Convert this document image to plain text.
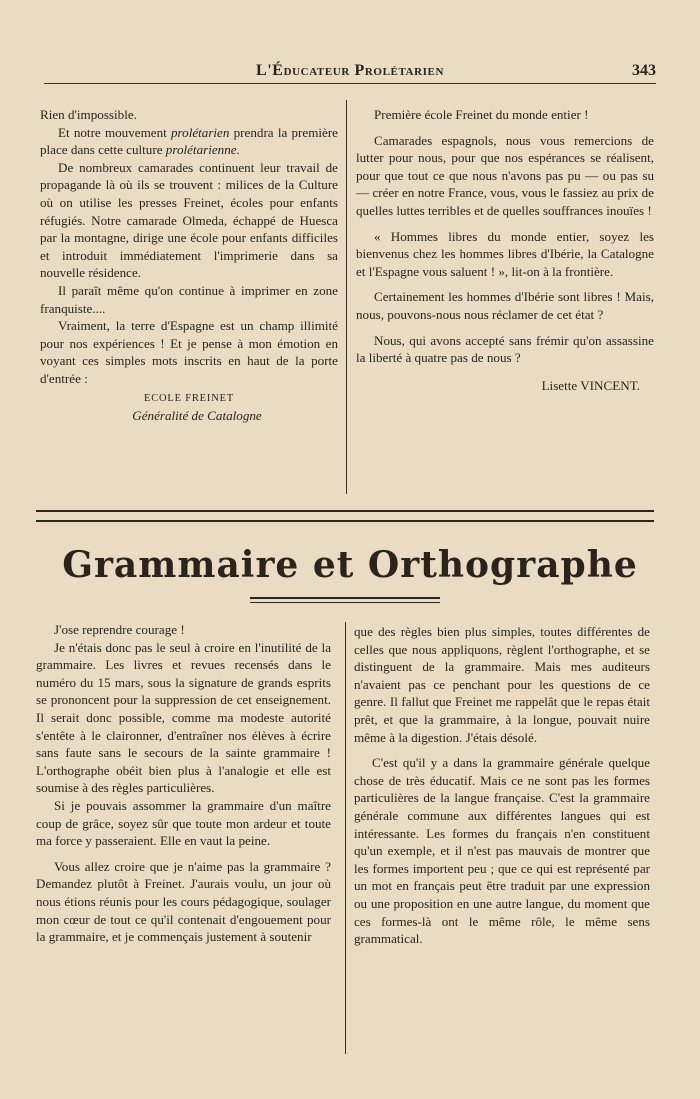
L'Éducateur Prolétarien	343

Rien d'impossible.

Et notre mouvement prolétarien prendra la première place dans cette culture prolétarienne.

De nombreux camarades continuent leur travail de propagande là où ils se trouvent : milices de la Culture où on utilise les presses Freinet, écoles pour enfants réfugiés. Notre camarade Olmeda, échappé de Huesca par la montagne, dirige une école pour enfants difficiles et introduit immédiatement l'imprimerie dans sa nouvelle résidence.

Il paraît même qu'on continue à imprimer en zone franquiste....

Vraiment, la terre d'Espagne est un champ illimité pour nos expériences ! Et je pense à mon émotion en voyant ces simples mots inscrits en haut de la porte d'entrée :

ECOLE FREINET
Généralité de Catalogne

Première école Freinet du monde entier !

Camarades espagnols, nous vous remercions de lutter pour nous, pour que nos espérances se réalisent, pour que tout ce que nous n'avons pas pu — ou pas su — créer en notre France, vous, vous le fassiez au prix de quelles luttes terribles et de quelles souffrances inouïes !

« Hommes libres du monde entier, soyez les bienvenus chez les hommes libres d'Ibérie, la Catalogne et l'Espagne vous saluent ! », lit-on à la frontière.

Certainement les hommes d'Ibérie sont libres ! Mais, nous, pouvons-nous nous réclamer de cet état ?

Nous, qui avons accepté sans frémir qu'on assassine la liberté à quatre pas de nous ?

Lisette VINCENT.
Grammaire et Orthographe

J'ose reprendre courage !

Je n'étais donc pas le seul à croire en l'inutilité de la grammaire. Les livres et revues recensés dans le numéro du 15 mars, sous la signature de grands esprits se prononcent pour la suppression de cet enseignement. Il serait donc possible, comme ma modeste autorité s'entête à le claironner, d'entraîner nos élèves à écrire sans faute sans le secours de la sainte grammaire ! L'orthographe obéit bien plus à l'analogie et elle est soumise à des règles particulières.

Si je pouvais assommer la grammaire d'un maître coup de grâce, soyez sûr que toute mon ardeur et toute ma force y passeraient. Elle en vaut la peine.

Vous allez croire que je n'aime pas la grammaire ? Demandez plutôt à Freinet. J'aurais voulu, un jour où nous étions réunis pour les cours pédagogique, soulager mon cœur de tout ce qu'il contenait d'engouement pour la grammaire, et je commençais justement à soutenir

que des règles bien plus simples, toutes différentes de celles que nous appliquons, règlent l'orthographe, et se distinguent de la grammaire. Mais mes auditeurs n'avaient pas ce penchant pour les questions de ce genre. Il fallut que Freinet me rappelât que le repas était prêt, et que la grammaire, à la longue, pouvait nuire même à la digestion. J'étais désolé.

C'est qu'il y a dans la grammaire générale quelque chose de très éducatif. Mais ce ne sont pas les formes particulières de la langue française. C'est la grammaire générale commune aux différentes langues qui est intéressante. Les formes du français n'en constituent qu'un exemple, et il n'est pas mauvais de montrer que les formes importent peu ; que ce qui est représenté par un mot en français peut être traduit par une expression ou une proposition en une autre langue, du moment que ces formes-là ont le même rôle, le même sens grammatical.
